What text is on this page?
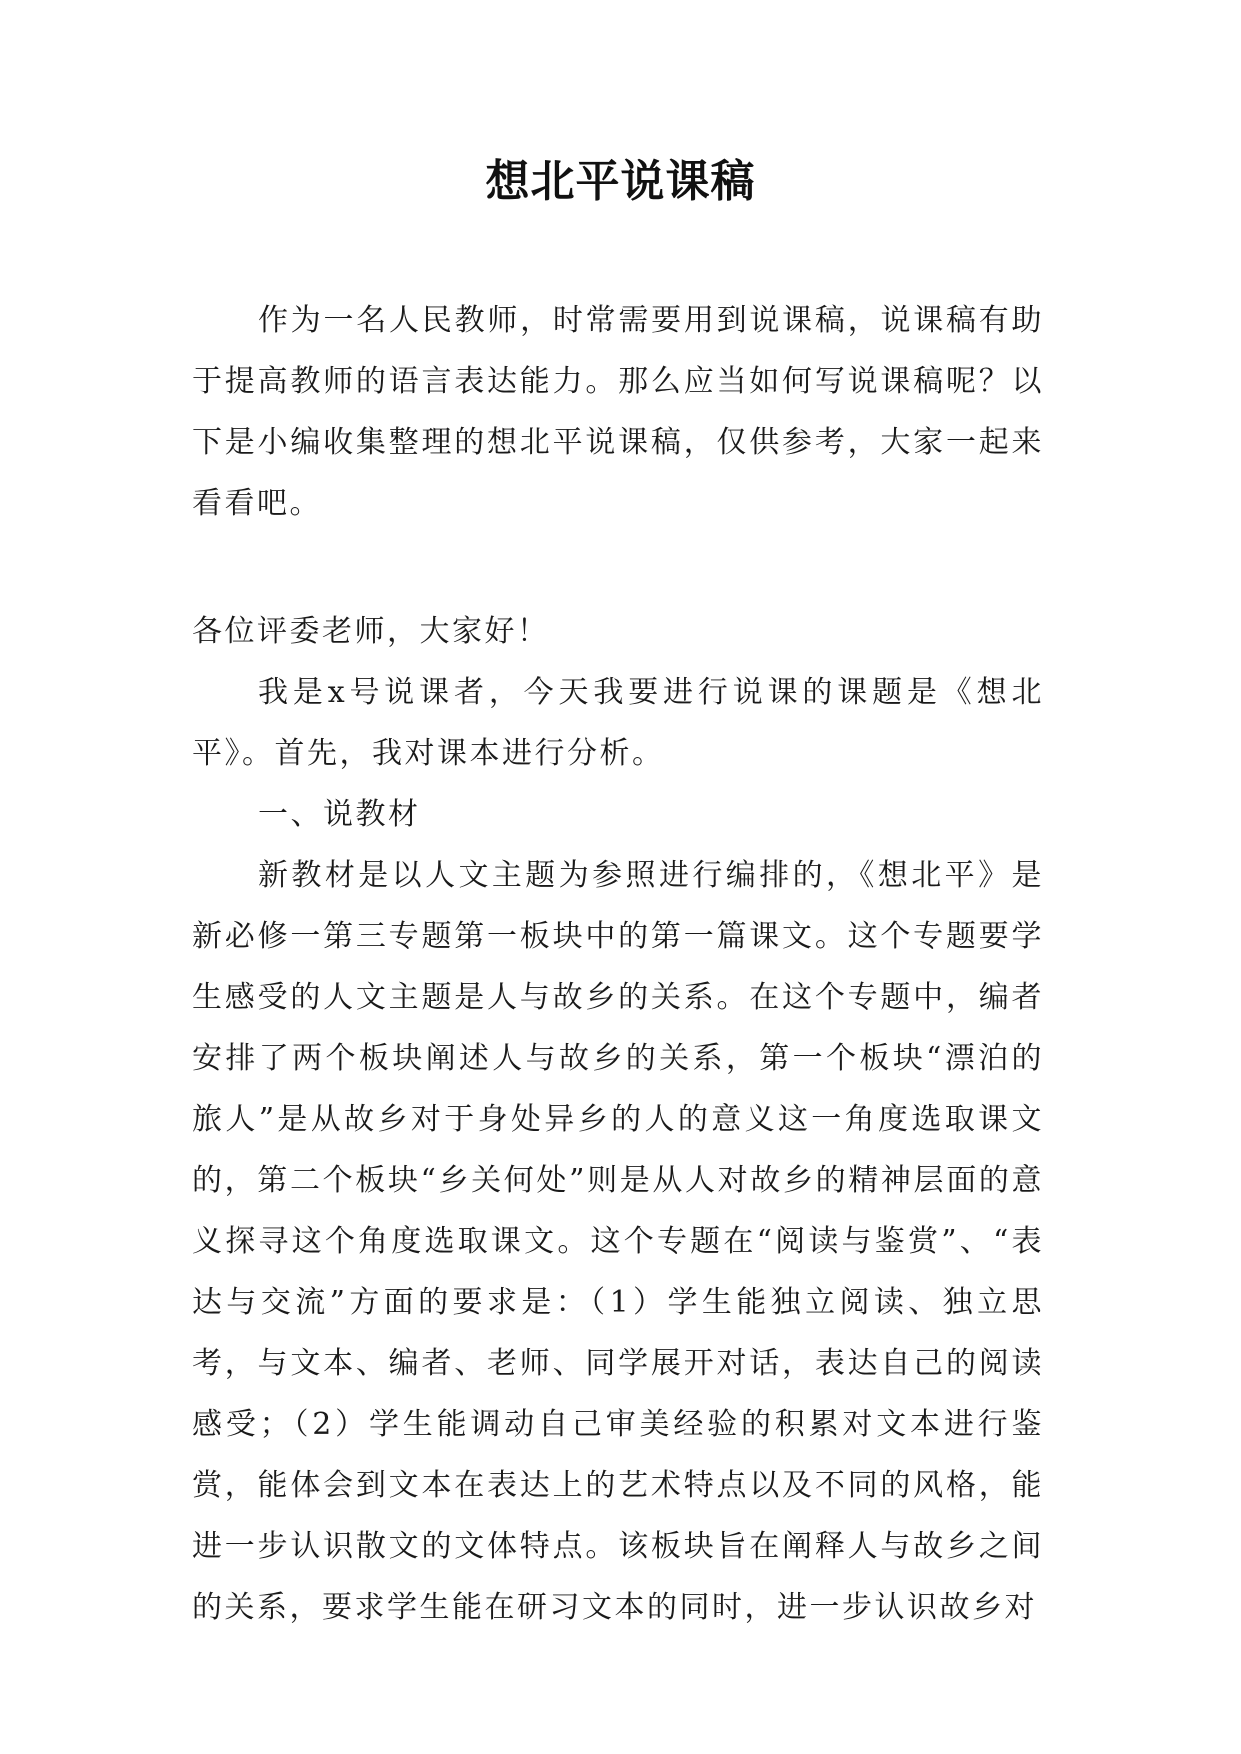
想北平说课稿

作为一名人民教师，时常需要用到说课稿，说课稿有助于提高教师的语言表达能力。那么应当如何写说课稿呢？以下是小编收集整理的想北平说课稿，仅供参考，大家一起来看看吧。

各位评委老师，大家好！

我是x号说课者，今天我要进行说课的课题是《想北平》。首先，我对课本进行分析。

一、说教材

新教材是以人文主题为参照进行编排的，《想北平》是新必修一第三专题第一板块中的第一篇课文。这个专题要学生感受的人文主题是人与故乡的关系。在这个专题中，编者安排了两个板块阐述人与故乡的关系，第一个板块“漂泊的旅人”是从故乡对于身处异乡的人的意义这一角度选取课文的，第二个板块“乡关何处”则是从人对故乡的精神层面的意义探寻这个角度选取课文。这个专题在“阅读与鉴赏”、“表达与交流”方面的要求是：（1）学生能独立阅读、独立思考，与文本、编者、老师、同学展开对话，表达自己的阅读感受；（2）学生能调动自己审美经验的积累对文本进行鉴赏，能体会到文本在表达上的艺术特点以及不同的风格，能进一步认识散文的文体特点。该板块旨在阐释人与故乡之间的关系，要求学生能在研习文本的同时，进一步认识故乡对
